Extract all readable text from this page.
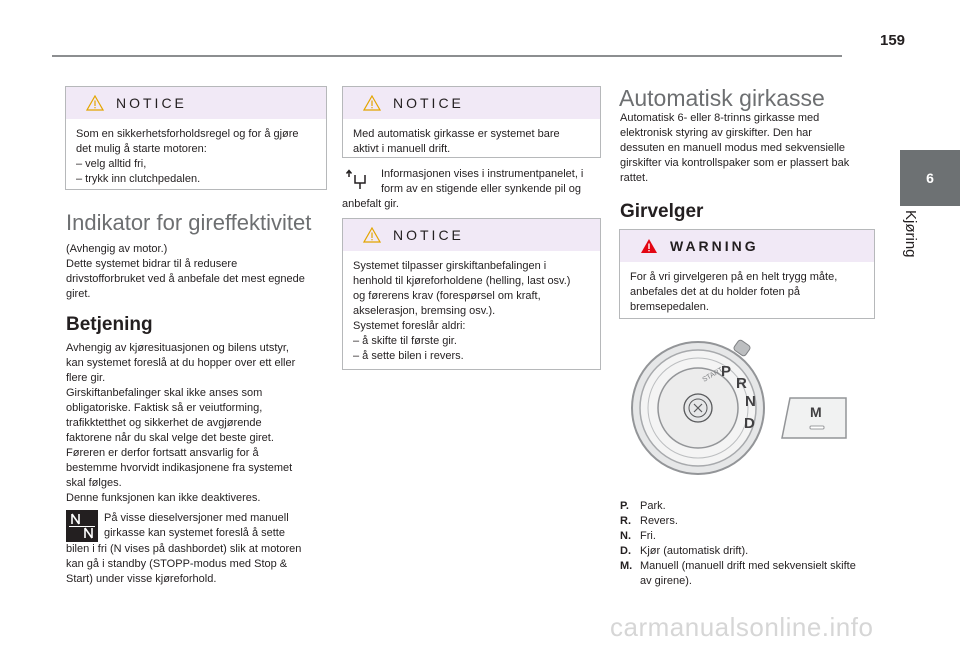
159
6
Kjøring
NOTICE
Som en sikkerhetsforholdsregel og for å gjøre
det mulig å starte motoren:
– velg alltid fri,
– trykk inn clutchpedalen.
Indikator for gireffektivitet
(Avhengig av motor.)
Dette systemet bidrar til å redusere
drivstofforbruket ved å anbefale det mest egnede
giret.
Betjening
Avhengig av kjøresituasjonen og bilens utstyr,
kan systemet foreslå at du hopper over ett eller
flere gir.
Girskiftanbefalinger skal ikke anses som
obligatoriske. Faktisk så er veiutforming,
trafikktetthet og sikkerhet de avgjørende
faktorene når du skal velge det beste giret.
Føreren er derfor fortsatt ansvarlig for å
bestemme hvorvidt indikasjonene fra systemet
skal følges.
Denne funksjonen kan ikke deaktiveres.
På visse dieselversjoner med manuell
girkasse kan systemet foreslå å sette
bilen i fri (N vises på dashbordet) slik at motoren
kan gå i standby (STOPP-modus med Stop &
Start) under visse kjøreforhold.
NOTICE
Med automatisk girkasse er systemet bare
aktivt i manuell drift.
Informasjonen vises i instrumentpanelet, i
form av en stigende eller synkende pil og
anbefalt gir.
NOTICE
Systemet tilpasser girskiftanbefalingen i
henhold til kjøreforholdene (helling, last osv.)
og førerens krav (forespørsel om kraft,
akselerasjon, bremsing osv.).
Systemet foreslår aldri:
– å skifte til første gir.
– å sette bilen i revers.
Automatisk girkasse
Automatisk 6- eller 8-trinns girkasse med
elektronisk styring av girskifter. Den har
dessuten en manuell modus med sekvensielle
girskifter via kontrollspaker som er plassert bak
rattet.
Girvelger
WARNING
For å vri girvelgeren på en helt trygg måte,
anbefales det at du holder foten på
bremsepedalen.
START
P
R
N
D
M
P.	Park.
R. Revers.
N. Fri.
D. Kjør (automatisk drift).
M. Manuell (manuell drift med sekvensielt skifte
av girene).
carmanualsonline.info
